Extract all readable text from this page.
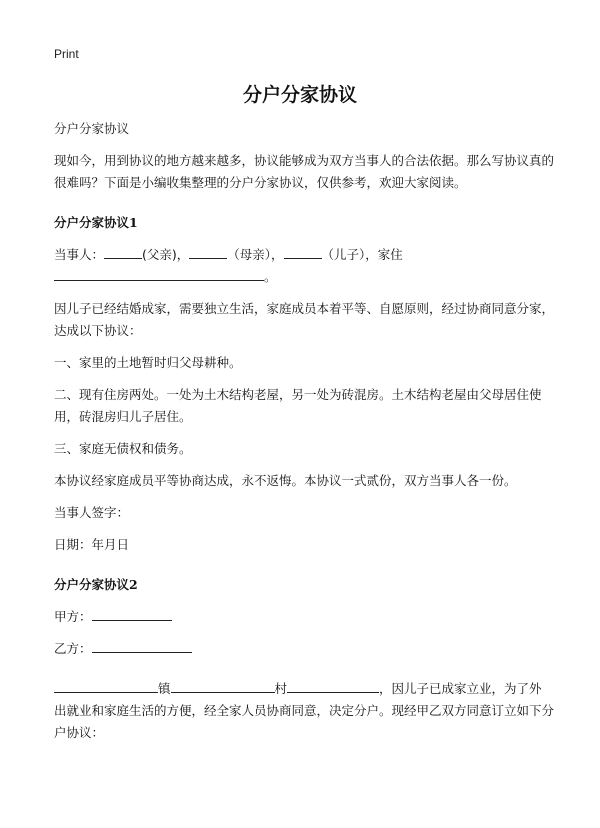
Print
分户分家协议

分户分家协议

现如今，用到协议的地方越来越多，协议能够成为双方当事人的合法依据。那么写协议真的很难吗？下面是小编收集整理的分户分家协议，仅供参考，欢迎大家阅读。

分户分家协议1

当事人：	(父亲)，	（母亲），	（儿子），家住

。

因儿子已经结婚成家，需要独立生活，家庭成员本着平等、自愿原则，经过协商同意分家，达成以下协议：

一、家里的土地暂时归父母耕种。

二、现有住房两处。一处为土木结构老屋，另一处为砖混房。土木结构老屋由父母居住使用，砖混房归儿子居住。

三、家庭无债权和债务。

本协议经家庭成员平等协商达成，永不返悔。本协议一式贰份，双方当事人各一份。

当事人签字：

日期：年月日

分户分家协议2

甲方：

乙方：

镇	村	，因儿子已成家立业，为了外出就业和家庭生活的方便，经全家人员协商同意，决定分户。现经甲乙双方同意订立如下分户协议：
